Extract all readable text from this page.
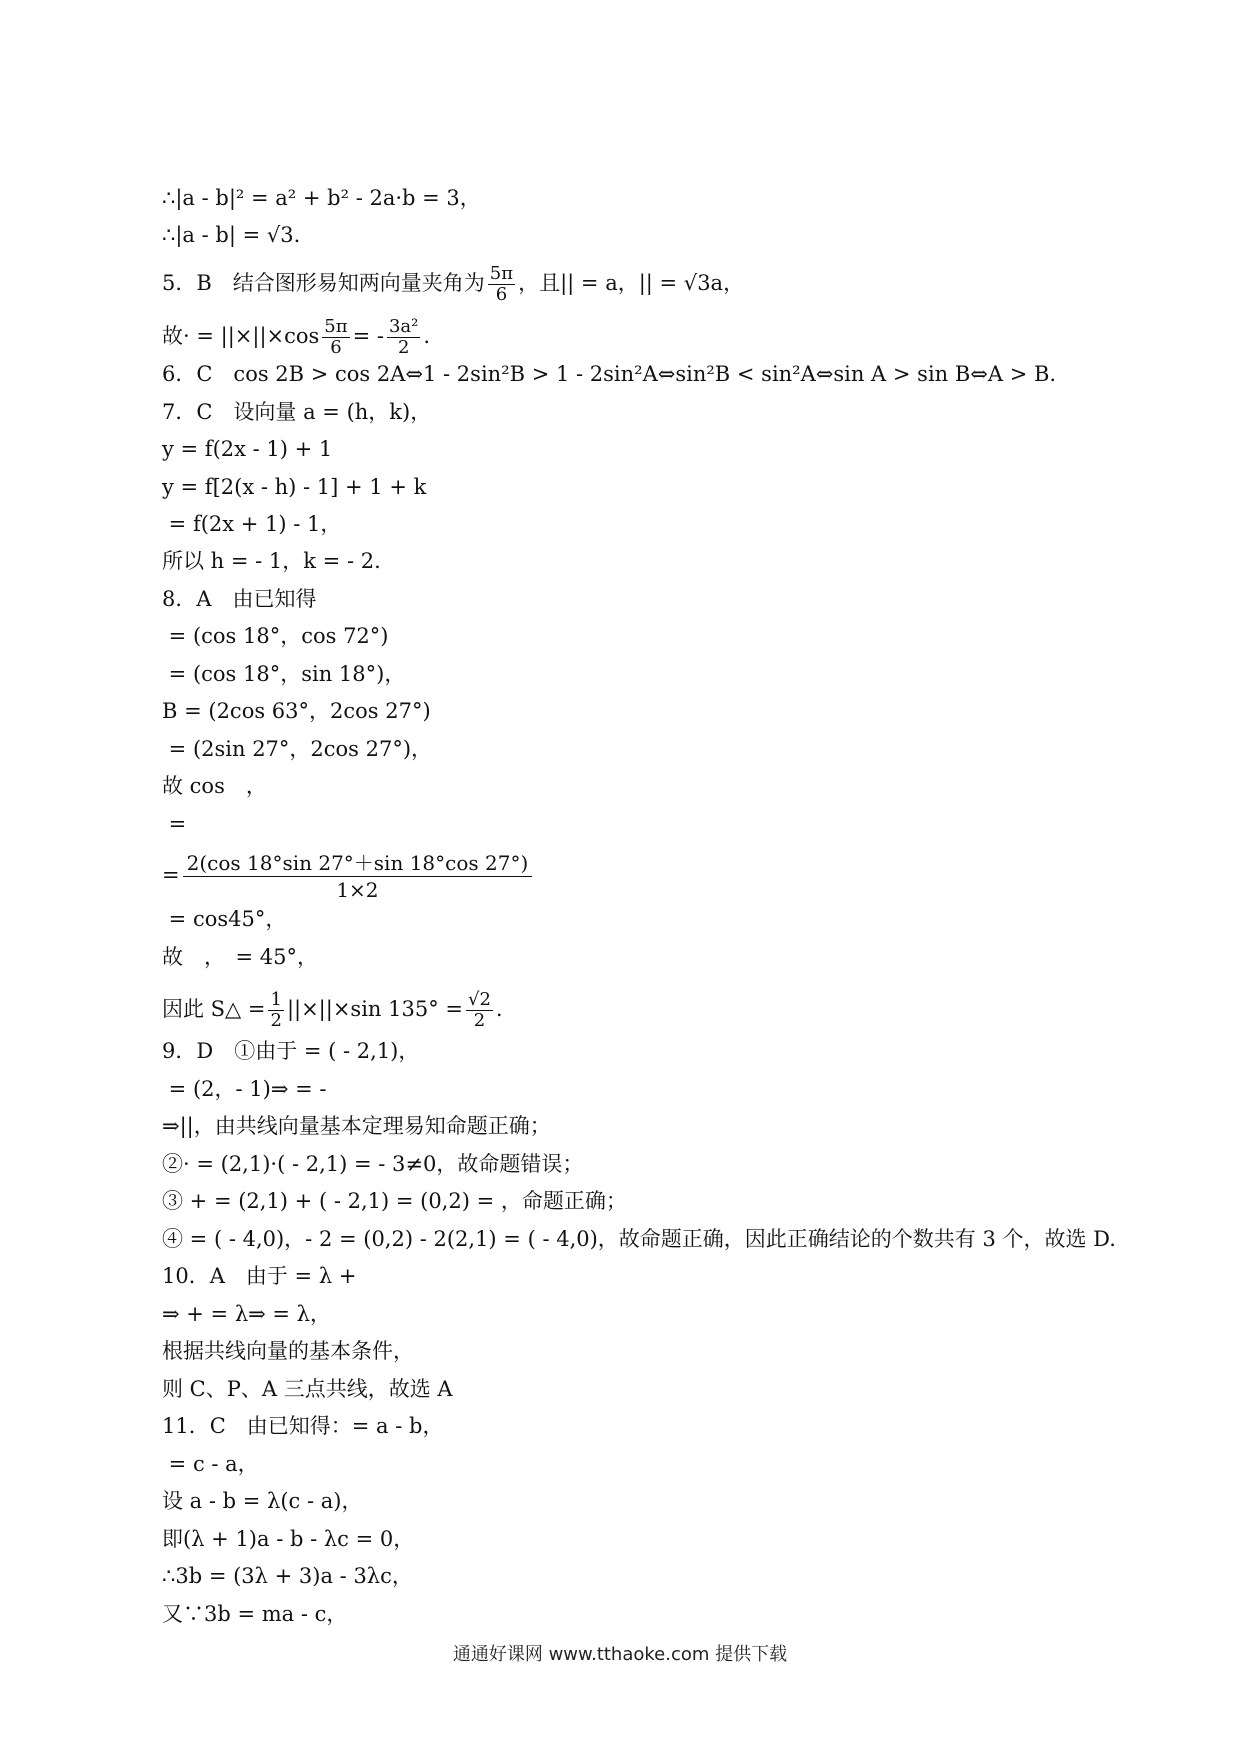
∴|a - b|² = a² + b² - 2a·b = 3，
∴|a - b| = √3.
5．B　结合图形易知两向量夹角为 $\frac{5\pi}{6}$ ，且|| = a，|| = √3a，
故· = $||\times||\times\cos \frac{5\pi}{6}$ = - $\frac{\text{3a²}}{2}$ .
6．C　cos 2B > cos 2A⇔1 - 2sin²B > 1 - 2sin²A⇔sin²B < sin²A⇔sin A > sin B⇔A > B.
7．C　设向量 a = (h，k)，
y = f(2x - 1) + 1
y = f[2(x - h) - 1] + 1 + k
= f(2x + 1) - 1，
所以 h = - 1，k = - 2.
8．A　由已知得
= (cos 18°，cos 72°)
= (cos 18°，sin 18°)，
B = (2cos 63°，2cos 27°)
= (2sin 27°，2cos 27°)，
故 cos　，
=
= $\frac{2(\cos 18^\circ\sin 27^\circ+\sin 18^\circ\cos 27^\circ)}{1\times 2}$
= cos45°，
故　，　= 45°，
因此 S△ = $\frac{1}{2} ||\times||\times\sin$ $135^\circ = \frac{√2}{2}$ .
9．D　①由于 = ( - 2,1)，
= (2，- 1)⇒ = -
⇒||，由共线向量基本定理易知命题正确；
②· = (2,1)·( - 2,1) = - 3≠0，故命题错误；
③ + = (2,1) + ( - 2,1) = (0,2) = ，命题正确；
④ = ( - 4,0)，- 2 = (0,2) - 2(2,1) = ( - 4,0)，故命题正确，因此正确结论的个数共有 3 个，故选 D.
10．A　由于 = λ +
⇒ + = λ⇒ = λ，
根据共线向量的基本条件，
则 C、P、A 三点共线，故选 A
11．C　由已知得：= a - b，
= c - a，
设 a - b = λ(c - a)，
即(λ + 1)a - b - λc = 0，
∴3b = (3λ + 3)a - 3λc，
又∵3b = ma - c，
通通好课网 www.tthaoke.com 提供下载
